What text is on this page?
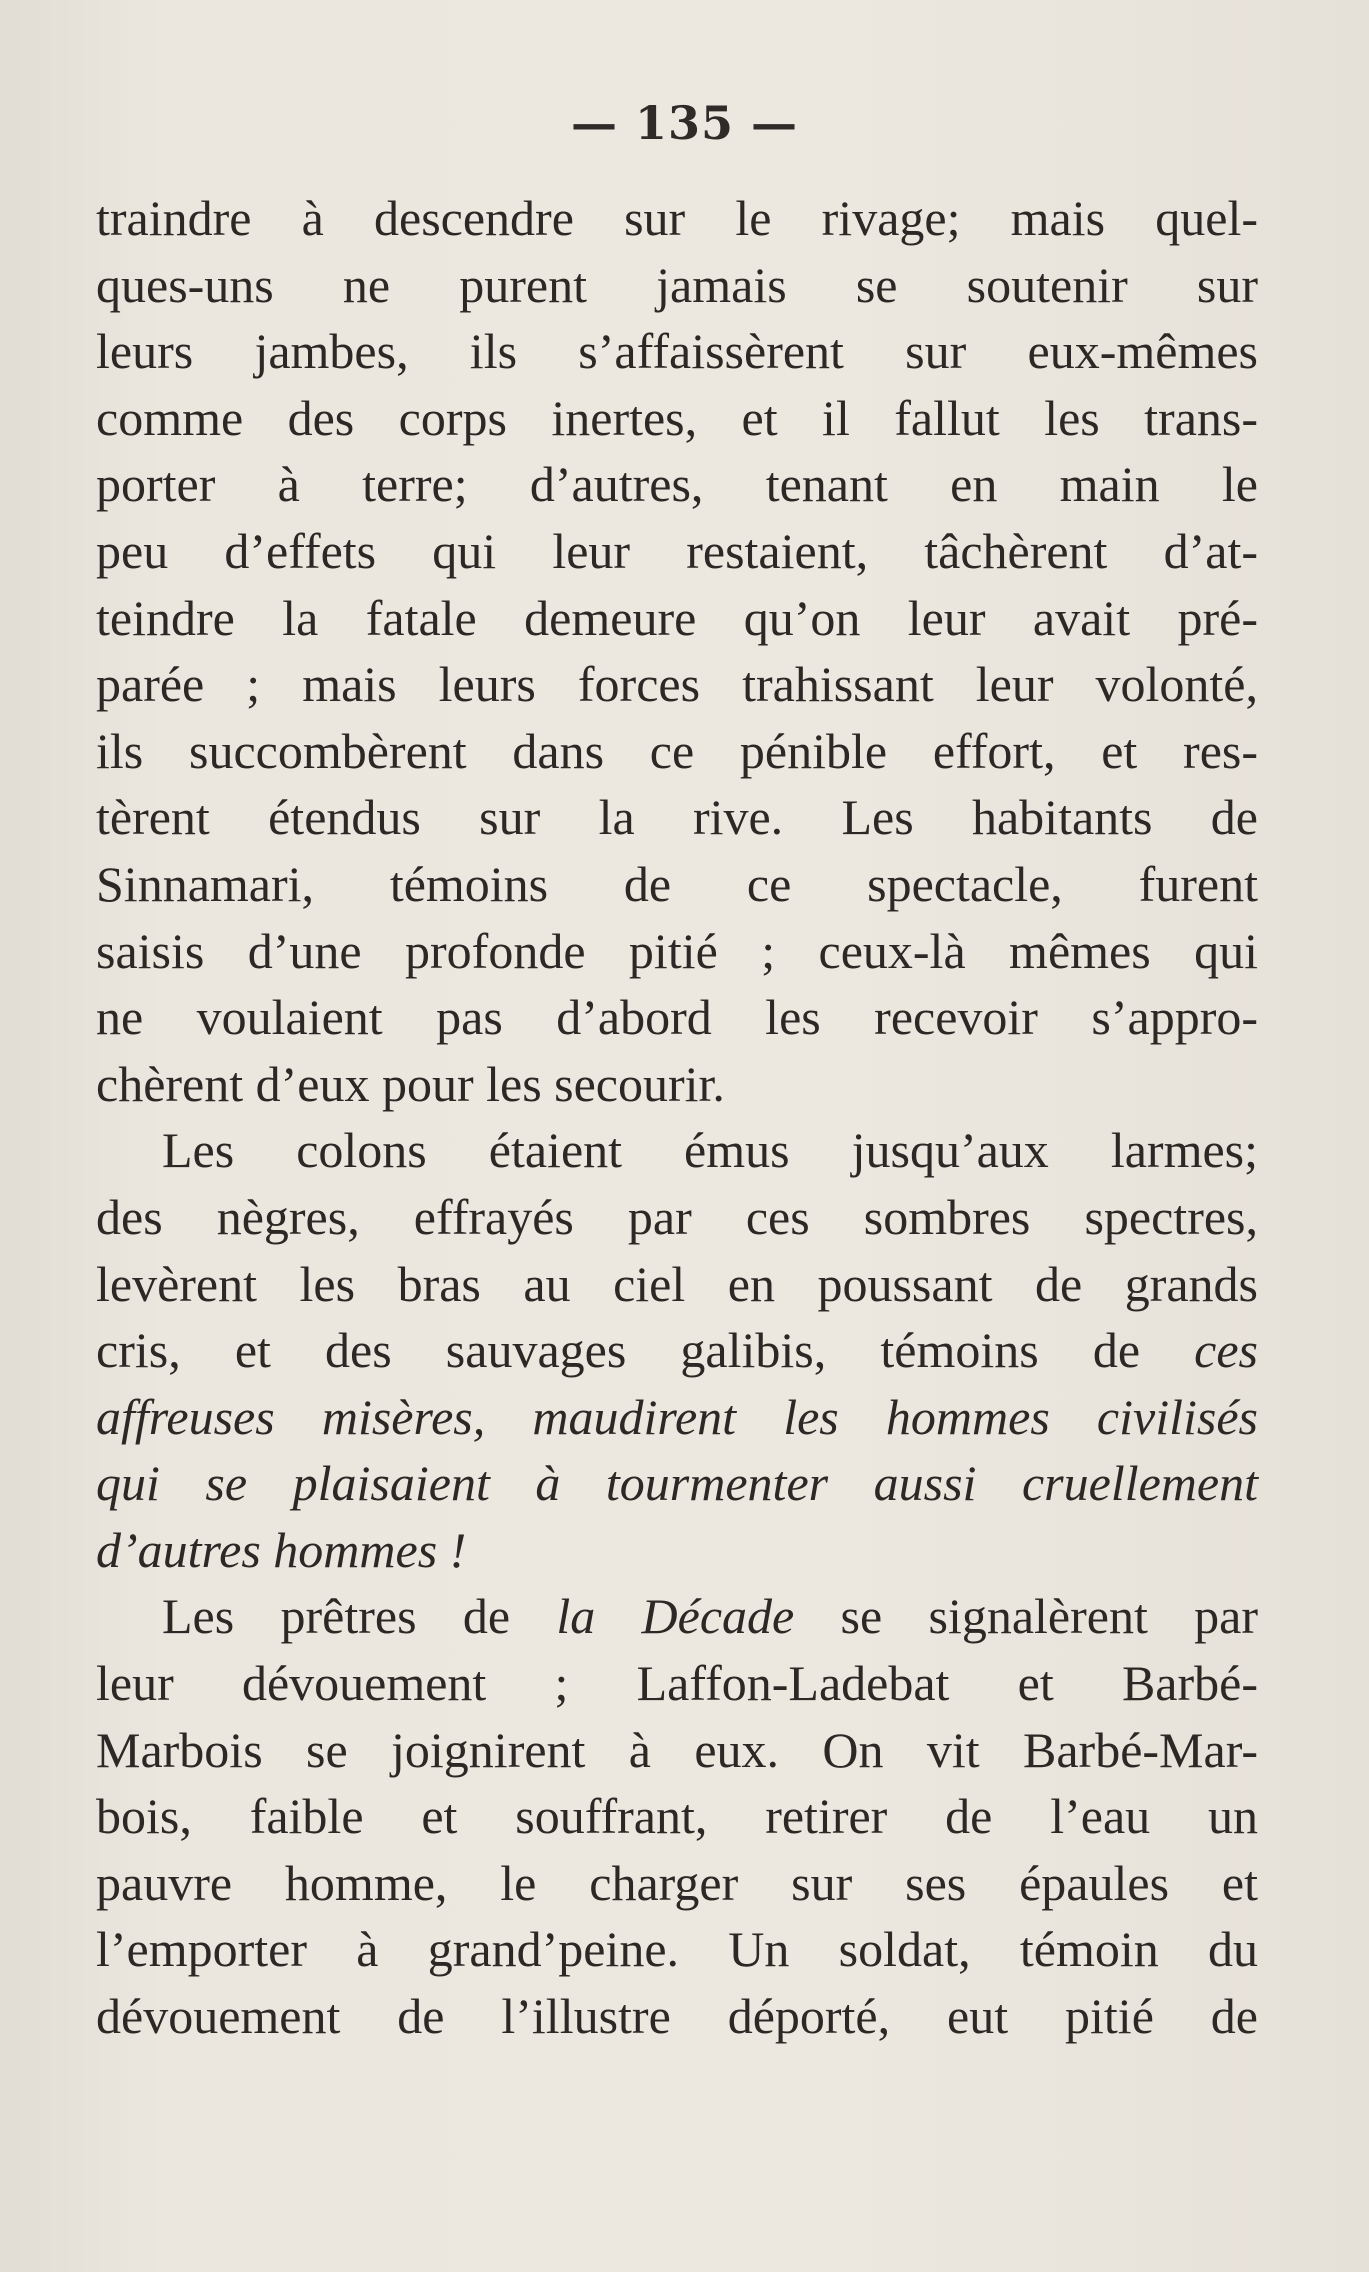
— 135 —
traindre à descendre sur le rivage; mais quel-
ques-uns ne purent jamais se soutenir sur
leurs jambes, ils s’affaissèrent sur eux-mêmes
comme des corps inertes, et il fallut les trans-
porter à terre; d’autres, tenant en main le
peu d’effets qui leur restaient, tâchèrent d’at-
teindre la fatale demeure qu’on leur avait pré-
parée ; mais leurs forces trahissant leur volonté,
ils succombèrent dans ce pénible effort, et res-
tèrent étendus sur la rive. Les habitants de
Sinnamari, témoins de ce spectacle, furent
saisis d’une profonde pitié ; ceux-là mêmes qui
ne voulaient pas d’abord les recevoir s’appro-
chèrent d’eux pour les secourir.
Les colons étaient émus jusqu’aux larmes;
des nègres, effrayés par ces sombres spectres,
levèrent les bras au ciel en poussant de grands
cris, et des sauvages galibis, témoins de ces
affreuses misères, maudirent les hommes civilisés
qui se plaisaient à tourmenter aussi cruellement
d’autres hommes !
Les prêtres de la Décade se signalèrent par
leur dévouement ; Laffon-Ladebat et Barbé-
Marbois se joignirent à eux. On vit Barbé-Mar-
bois, faible et souffrant, retirer de l’eau un
pauvre homme, le charger sur ses épaules et
l’emporter à grand’peine. Un soldat, témoin du
dévouement de l’illustre déporté, eut pitié de
